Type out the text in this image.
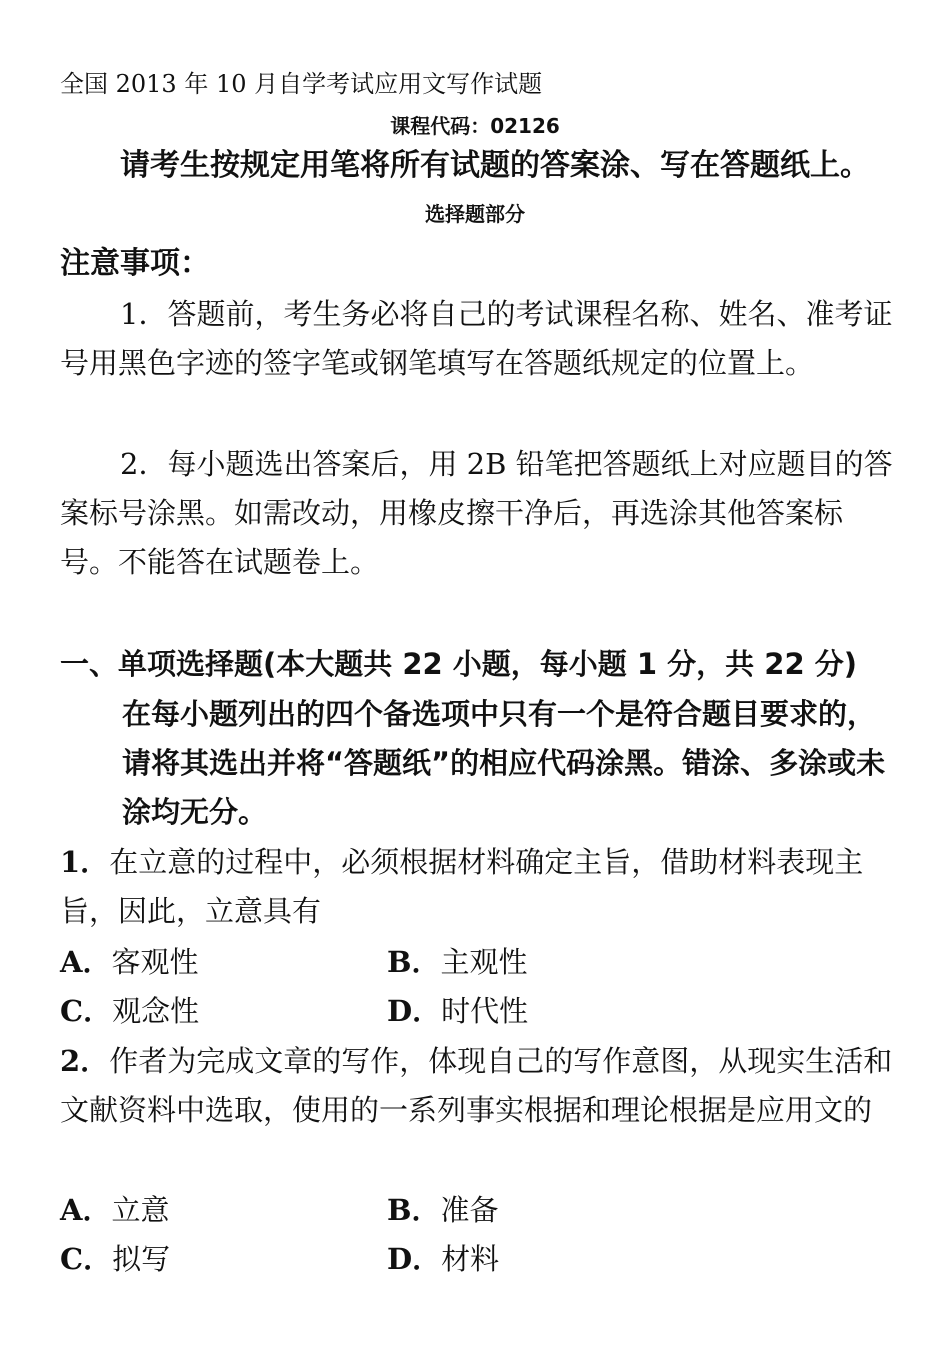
全国 2013 年 10 月自学考试应用文写作试题
课程代码：02126
请考生按规定用笔将所有试题的答案涂、写在答题纸上。
选择题部分
注意事项：
1．答题前，考生务必将自己的考试课程名称、姓名、准考证号用黑色字迹的签字笔或钢笔填写在答题纸规定的位置上。
2．每小题选出答案后，用 2B 铅笔把答题纸上对应题目的答案标号涂黑。如需改动，用橡皮擦干净后，再选涂其他答案标号。不能答在试题卷上。
一、单项选择题(本大题共 22 小题，每小题 1 分，共 22 分)
在每小题列出的四个备选项中只有一个是符合题目要求的，请将其选出并将“答题纸”的相应代码涂黑。错涂、多涂或未涂均无分。
1．在立意的过程中，必须根据材料确定主旨，借助材料表现主旨，因此，立意具有
A．客观性	B．主观性
C．观念性	D．时代性
2．作者为完成文章的写作，体现自己的写作意图，从现实生活和文献资料中选取，使用的一系列事实根据和理论根据是应用文的
A．立意	B．准备
C．拟写	D．材料
